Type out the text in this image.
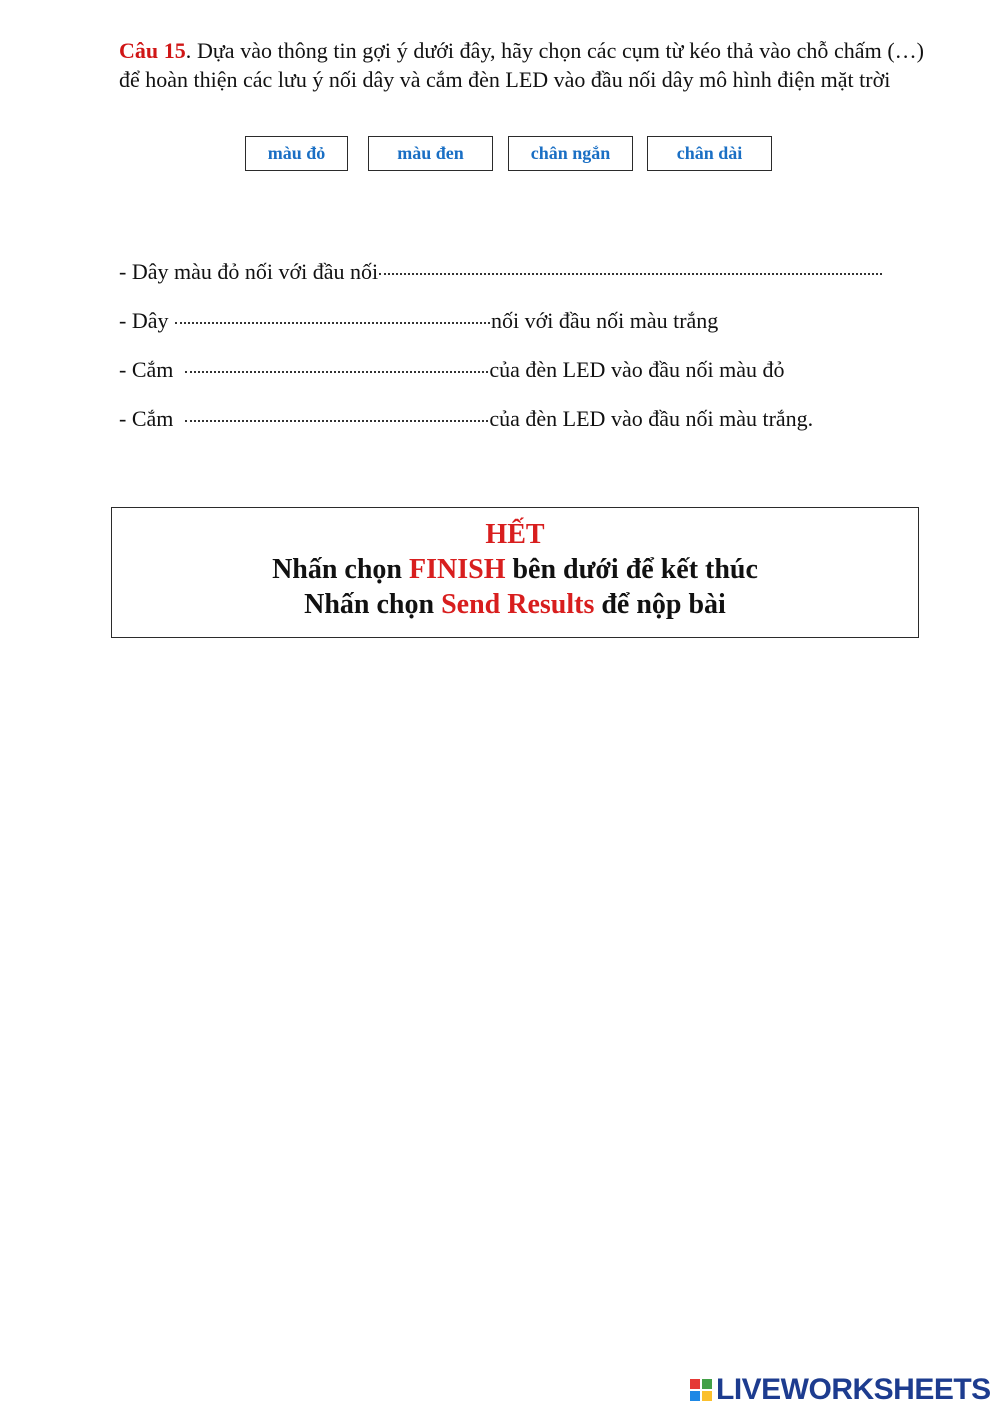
Câu 15. Dựa vào thông tin gợi ý dưới đây, hãy chọn các cụm từ kéo thả vào chỗ chấm (…) để hoàn thiện các lưu ý nối dây và cắm đèn LED vào đầu nối dây mô hình điện mặt trời
màu đỏ	màu đen	chân ngắn	chân dài
- Dây màu đỏ nối với đầu nối
- Dây	nối với đầu nối màu trắng
- Cắm	của đèn LED vào đầu nối màu đỏ
- Cắm	của đèn LED vào đầu nối màu trắng.
HẾT
Nhấn chọn FINISH bên dưới để kết thúc
Nhấn chọn Send Results để nộp bài
LIVEWORKSHEETS
